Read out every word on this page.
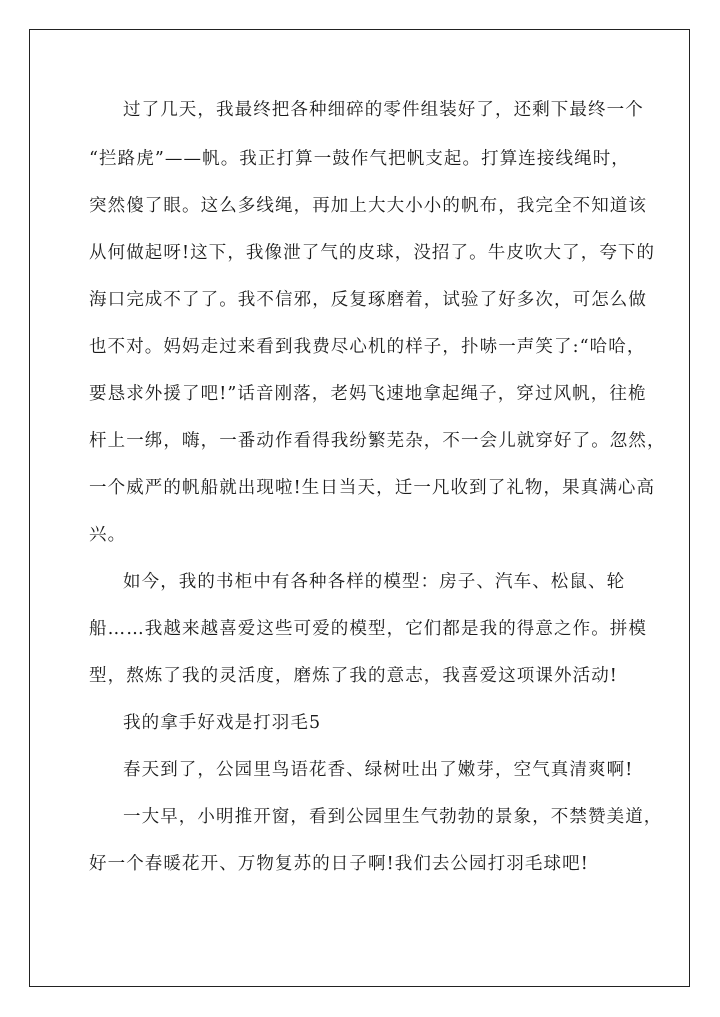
过了几天，我最终把各种细碎的零件组装好了，还剩下最终一个
“拦路虎”——帆。我正打算一鼓作气把帆支起。打算连接线绳时，
突然傻了眼。这么多线绳，再加上大大小小的帆布，我完全不知道该
从何做起呀!这下，我像泄了气的皮球，没招了。牛皮吹大了，夸下的
海口完成不了了。我不信邪，反复琢磨着，试验了好多次，可怎么做
也不对。妈妈走过来看到我费尽心机的样子，扑哧一声笑了:“哈哈，
要恳求外援了吧!”话音刚落，老妈飞速地拿起绳子，穿过风帆，往桅
杆上一绑，嗨，一番动作看得我纷繁芜杂，不一会儿就穿好了。忽然，
一个威严的帆船就出现啦!生日当天，迁一凡收到了礼物，果真满心高
兴。
如今，我的书柜中有各种各样的模型：房子、汽车、松鼠、轮
船……我越来越喜爱这些可爱的模型，它们都是我的得意之作。拼模
型，熬炼了我的灵活度，磨炼了我的意志，我喜爱这项课外活动!
我的拿手好戏是打羽毛5
春天到了，公园里鸟语花香、绿树吐出了嫩芽，空气真清爽啊!
一大早，小明推开窗，看到公园里生气勃勃的景象，不禁赞美道，
好一个春暖花开、万物复苏的日子啊!我们去公园打羽毛球吧!
